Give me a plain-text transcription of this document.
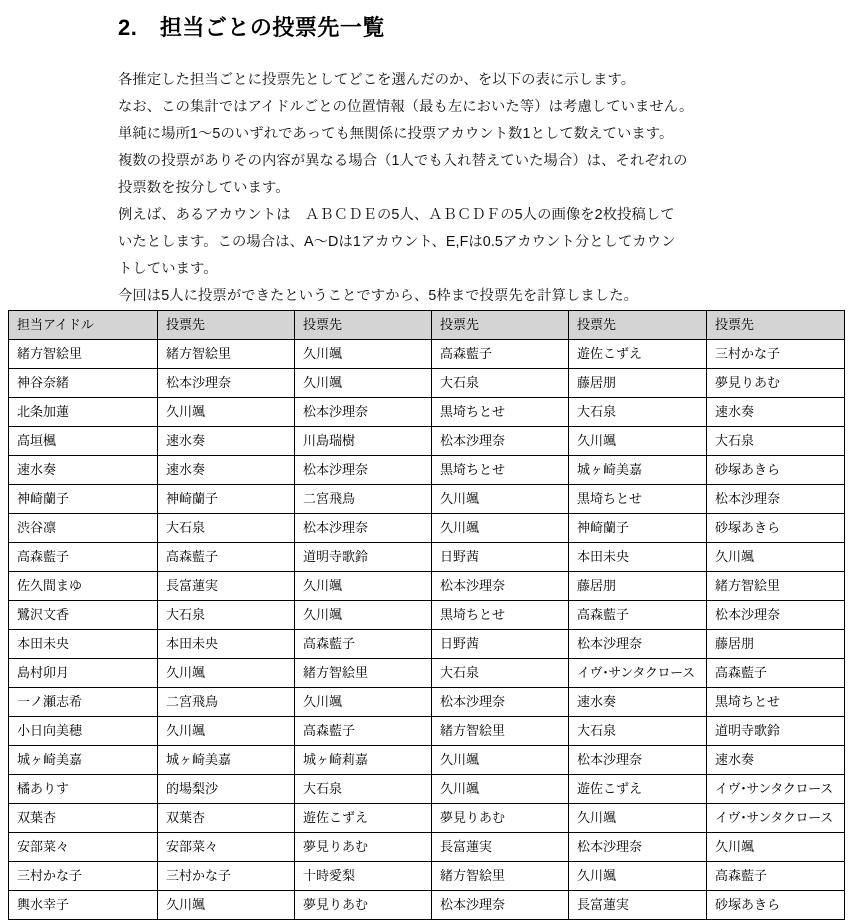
2.　担当ごとの投票先一覧
各推定した担当ごとに投票先としてどこを選んだのか、を以下の表に示します。
なお、この集計ではアイドルごとの位置情報（最も左においた等）は考慮していません。
単純に場所1～5のいずれであっても無関係に投票アカウント数1として数えています。
複数の投票がありその内容が異なる場合（1人でも入れ替えていた場合）は、それぞれの
投票数を按分しています。
例えば、あるアカウントは　ＡＢＣＤＥの5人、ＡＢＣＤＦの5人の画像を2枚投稿して
いたとします。この場合は、A～Dは1アカウント、E,Fは0.5アカウント分としてカウン
トしています。
今回は5人に投票ができたということですから、5枠まで投票先を計算しました。
担当アイドル	投票先	投票先	投票先	投票先	投票先
緒方智絵里	緒方智絵里	久川颯	高森藍子	遊佐こずえ	三村かな子
神谷奈緒	松本沙理奈	久川颯	大石泉	藤居朋	夢見りあむ
北条加蓮	久川颯	松本沙理奈	黒埼ちとせ	大石泉	速水奏
高垣楓	速水奏	川島瑞樹	松本沙理奈	久川颯	大石泉
速水奏	速水奏	松本沙理奈	黒埼ちとせ	城ヶ崎美嘉	砂塚あきら
神崎蘭子	神崎蘭子	二宮飛鳥	久川颯	黒埼ちとせ	松本沙理奈
渋谷凛	大石泉	松本沙理奈	久川颯	神崎蘭子	砂塚あきら
高森藍子	高森藍子	道明寺歌鈴	日野茜	本田未央	久川颯
佐久間まゆ	長富蓮実	久川颯	松本沙理奈	藤居朋	緒方智絵里
鷺沢文香	大石泉	久川颯	黒埼ちとせ	高森藍子	松本沙理奈
本田未央	本田未央	高森藍子	日野茜	松本沙理奈	藤居朋
島村卯月	久川颯	緒方智絵里	大石泉	イヴ･サンタクロース	高森藍子
一ノ瀬志希	二宮飛鳥	久川颯	松本沙理奈	速水奏	黒埼ちとせ
小日向美穂	久川颯	高森藍子	緒方智絵里	大石泉	道明寺歌鈴
城ヶ崎美嘉	城ヶ崎美嘉	城ヶ崎莉嘉	久川颯	松本沙理奈	速水奏
橘ありす	的場梨沙	大石泉	久川颯	遊佐こずえ	イヴ･サンタクロース
双葉杏	双葉杏	遊佐こずえ	夢見りあむ	久川颯	イヴ･サンタクロース
安部菜々	安部菜々	夢見りあむ	長富蓮実	松本沙理奈	久川颯
三村かな子	三村かな子	十時愛梨	緒方智絵里	久川颯	高森藍子
輿水幸子	久川颯	夢見りあむ	松本沙理奈	長富蓮実	砂塚あきら
